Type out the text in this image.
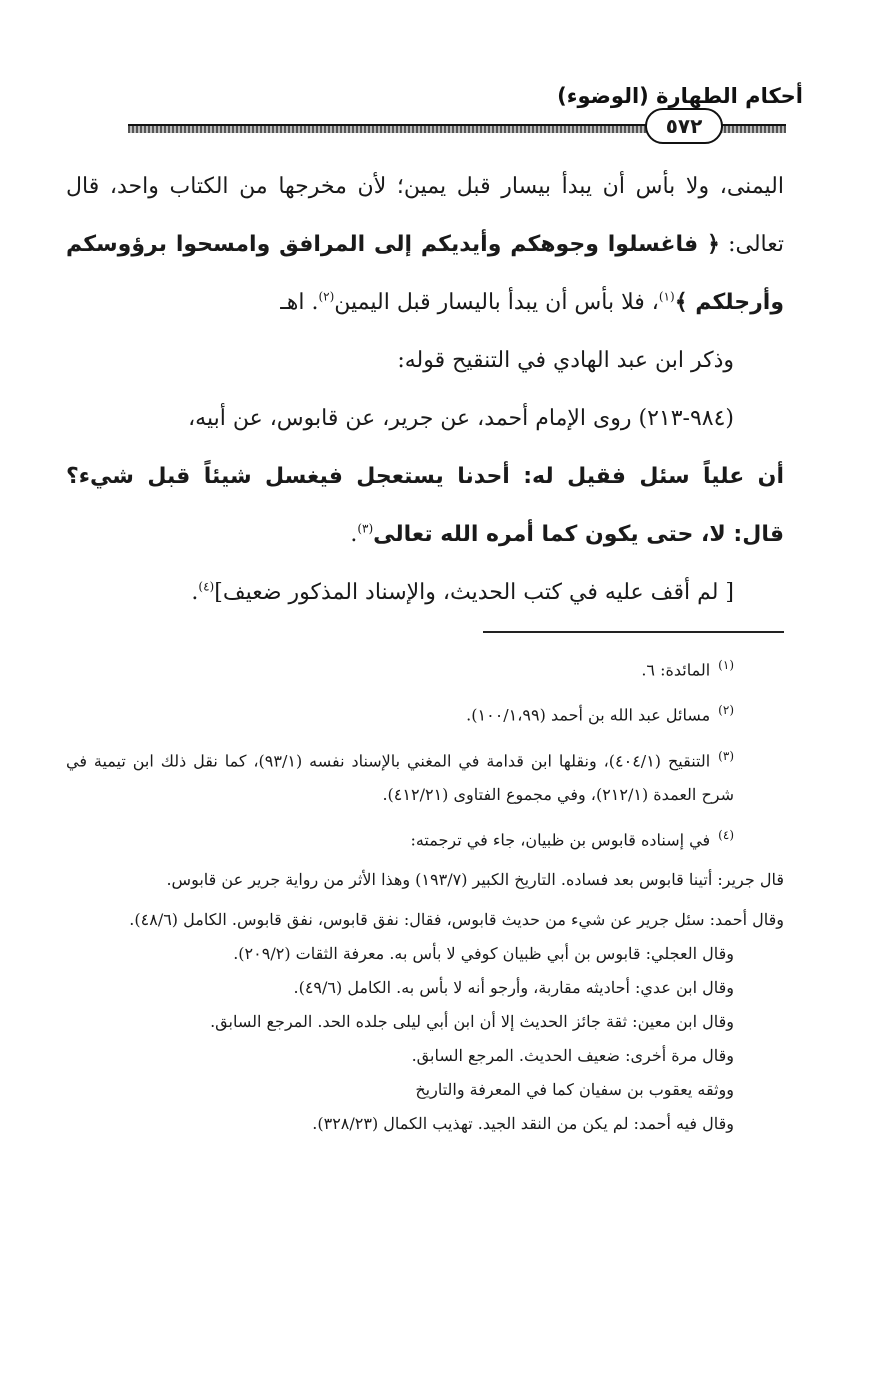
أحكام الطهارة (الوضوء)
٥٧٢

اليمنى، ولا بأس أن يبدأ بيسار قبل يمين؛ لأن مخرجها من الكتاب واحد، قال تعالى: ﴿ فاغسلوا وجوهكم وأيديكم إلى المرافق وامسحوا برؤوسكم وأرجلكم ﴾$^{(١)}$، فلا بأس أن يبدأ باليسار قبل اليمين$^{(٢)}$. اهـ

وذكر ابن عبد الهادي في التنقيح قوله:

(٩٨٤-٢١٣) روى الإمام أحمد، عن جرير، عن قابوس، عن أبيه،

أن علياً سئل فقيل له: أحدنا يستعجل فيغسل شيئاً قبل شيء؟ قال: لا، حتى يكون كما أمره الله تعالى$^{(٣)}$.

[ لم أقف عليه في كتب الحديث، والإسناد المذكور ضعيف]$^{(٤)}$.

$^{(١)}$المائدة: ٦.

$^{(٢)}$مسائل عبد الله بن أحمد (١٠٠/١،٩٩).

$^{(٣)}$التنقيح (٤٠٤/١)، ونقلها ابن قدامة في المغني بالإسناد نفسه (٩٣/١)، كما نقل ذلك ابن تيمية في شرح العمدة (٢١٢/١)، وفي مجموع الفتاوى (٤١٢/٢١).

$^{(٤)}$في إسناده قابوس بن ظبيان، جاء في ترجمته:

قال جرير: أتينا قابوس بعد فساده. التاريخ الكبير (١٩٣/٧) وهذا الأثر من رواية جرير عن قابوس.

وقال أحمد: سئل جرير عن شيء من حديث قابوس، فقال: نفق قابوس، نفق قابوس. الكامل (٤٨/٦).

وقال العجلي: قابوس بن أبي ظبيان كوفي لا بأس به. معرفة الثقات (٢٠٩/٢).

وقال ابن عدي: أحاديثه مقاربة، وأرجو أنه لا بأس به. الكامل (٤٩/٦).

وقال ابن معين: ثقة جائز الحديث إلا أن ابن أبي ليلى جلده الحد. المرجع السابق.

وقال مرة أخرى: ضعيف الحديث. المرجع السابق.

ووثقه يعقوب بن سفيان كما في المعرفة والتاريخ

وقال فيه أحمد: لم يكن من النقد الجيد. تهذيب الكمال (٣٢٨/٢٣).
